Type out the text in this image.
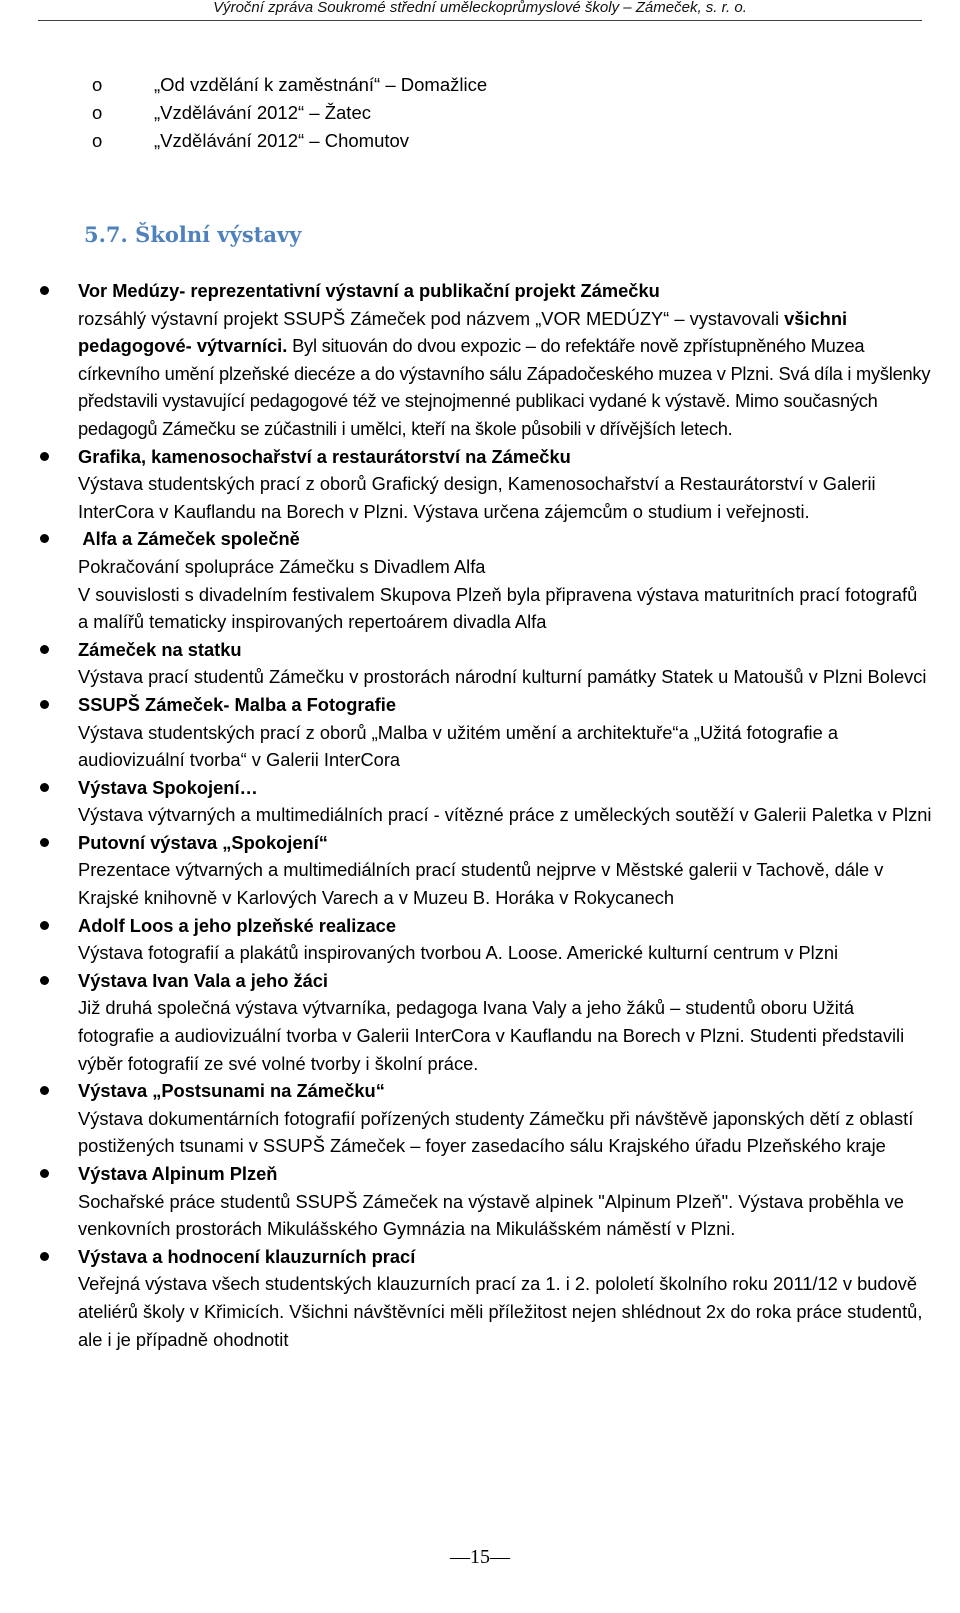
Výroční zpráva Soukromé střední uměleckoprůmyslové školy – Zámeček, s. r. o.
o	„Od vzdělání k zaměstnání“ – Domažlice
o	„Vzdělávání 2012“ – Žatec
o	„Vzdělávání 2012“ – Chomutov
5.7. Školní výstavy
Vor Medúzy- reprezentativní výstavní a publikační projekt Zámečku
rozsáhlý výstavní projekt SSUPŠ Zámeček pod názvem „VOR MEDÚZY“ – vystavovali všichni pedagogové- výtvarníci. Byl situován do dvou expozic – do refektáře nově zpřístupněného Muzea církevního umění plzeňské diecéze a do výstavního sálu Západočeského muzea v Plzni. Svá díla i myšlenky představili vystavující pedagogové též ve stejnojmenné publikaci vydané k výstavě. Mimo současných pedagogů Zámečku se zúčastnili i umělci, kteří na škole působili v dřívějších letech.
Grafika, kamenosochařství a restaurátorství na Zámečku
Výstava studentských prací z oborů Grafický design, Kamenosochařství a Restaurátorství v Galerii InterCora v Kauflandu na Borech v Plzni. Výstava určena zájemcům o studium i veřejnosti.
Alfa a Zámeček společně
Pokračování spolupráce Zámečku s Divadlem Alfa
V souvislosti s divadelním festivalem Skupova Plzeň byla připravena výstava maturitních prací fotografů a malířů tematicky inspirovaných repertoárem divadla Alfa
Zámeček na statku
Výstava prací studentů Zámečku v prostorách národní kulturní památky Statek u Matoušů v Plzni Bolevci
SSUPŠ Zámeček- Malba a Fotografie
Výstava studentských prací z oborů „Malba v užitém umění a architektuře“a „Užitá fotografie a audiovizuální tvorba“ v Galerii InterCora
Výstava Spokojení…
Výstava výtvarných a multimediálních prací - vítězné práce z uměleckých soutěží v Galerii Paletka v Plzni
Putovní výstava „Spokojení“
Prezentace výtvarných a multimediálních prací studentů nejprve v Městské galerii v Tachově, dále v Krajské knihovně v Karlových Varech a v Muzeu B. Horáka v Rokycanech
Adolf Loos a jeho plzeňské realizace
Výstava fotografií a plakátů inspirovaných tvorbou A. Loose. Americké kulturní centrum v Plzni
Výstava Ivan Vala a jeho žáci
Již druhá společná výstava výtvarníka, pedagoga Ivana Valy a jeho žáků – studentů oboru Užitá fotografie a audiovizuální tvorba v Galerii InterCora v Kauflandu na Borech v Plzni. Studenti představili výběr fotografií ze své volné tvorby i školní práce.
Výstava „Postsunami na Zámečku“
Výstava dokumentárních fotografií pořízených studenty Zámečku při návštěvě japonských dětí z oblastí postižených tsunami v SSUPŠ Zámeček – foyer zasedacího sálu Krajského úřadu Plzeňského kraje
Výstava Alpinum Plzeň
Sochařské práce studentů SSUPŠ Zámeček na výstavě alpinek "Alpinum Plzeň". Výstava proběhla ve venkovních prostorách Mikulášského Gymnázia na Mikulášském náměstí v Plzni.
Výstava a hodnocení klauzurních prací
Veřejná výstava všech studentských klauzurních prací za 1. i 2. pololetí školního roku 2011/12 v budově ateliérů školy v Křimicích. Všichni návštěvníci měli příležitost nejen shlédnout 2x do roka práce studentů, ale i je případně ohodnotit
—15—
